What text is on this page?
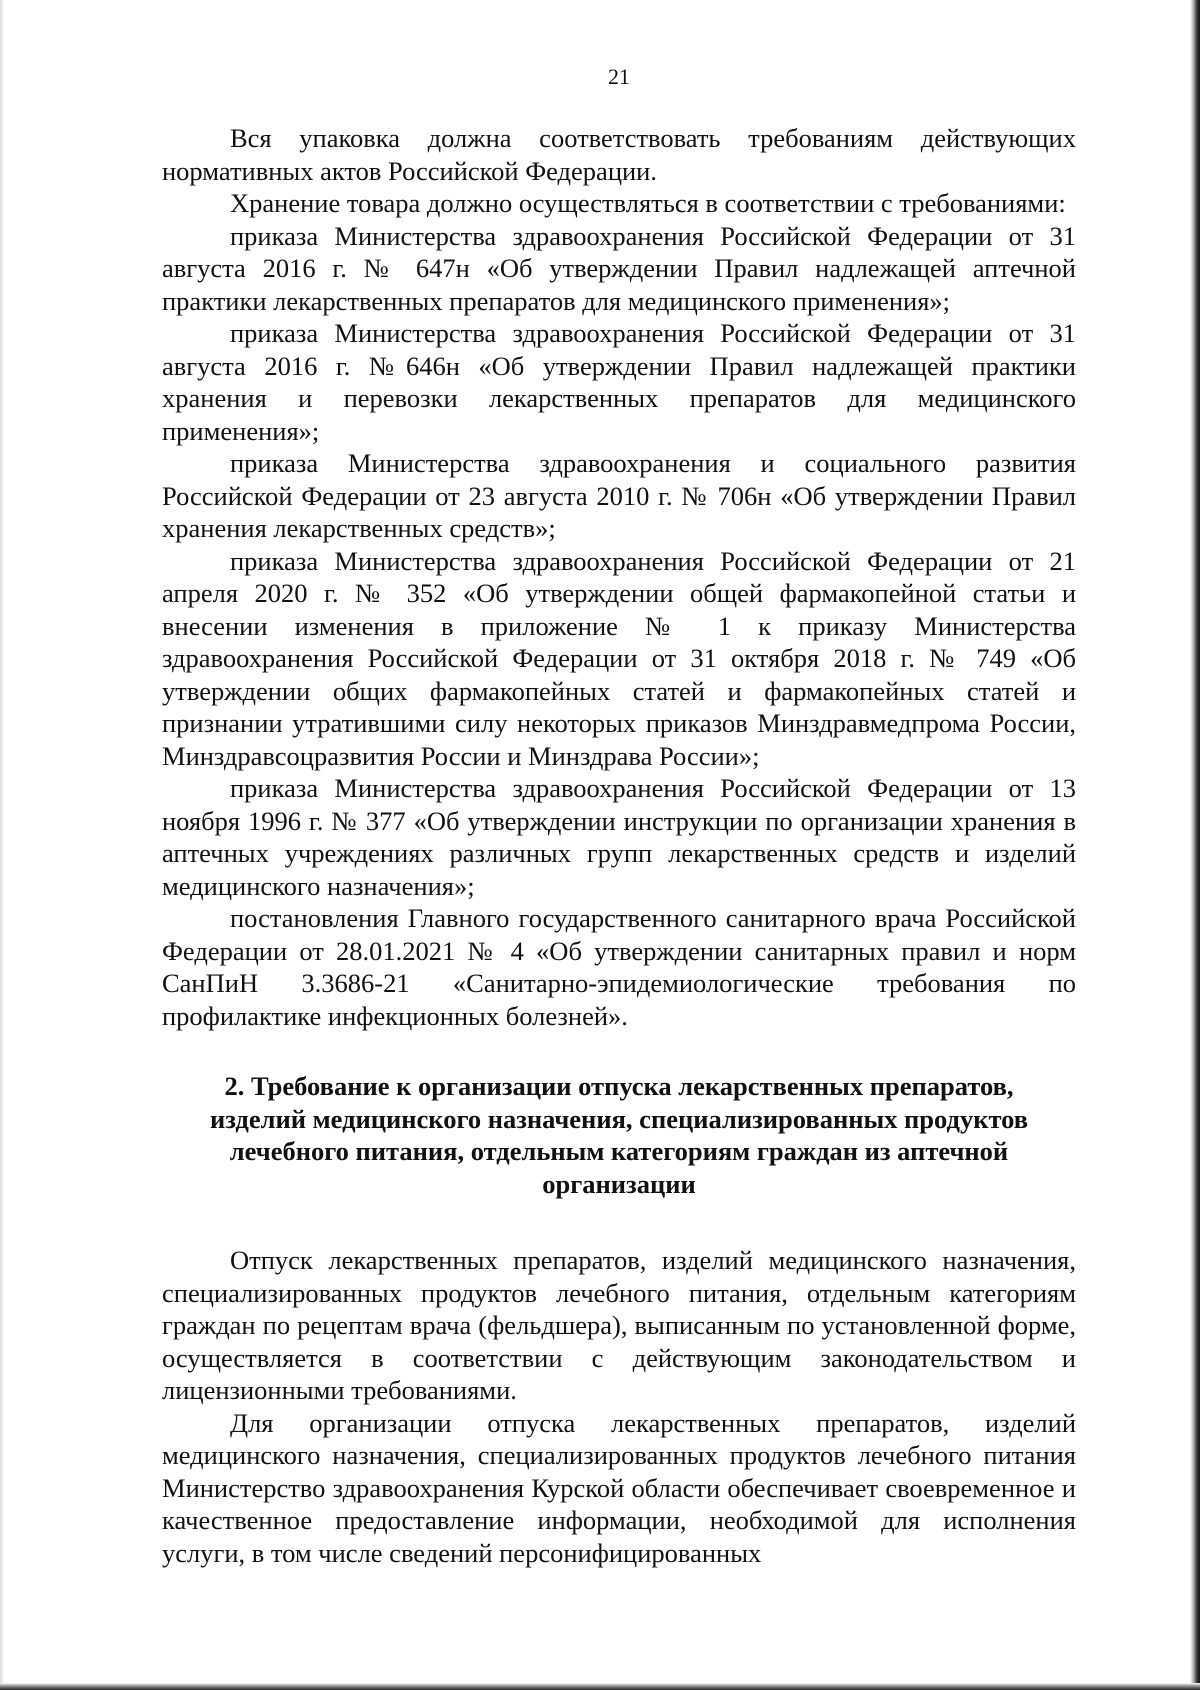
21

Вся упаковка должна соответствовать требованиям действующих нормативных актов Российской Федерации.

Хранение товара должно осуществляться в соответствии с требованиями:

приказа Министерства здравоохранения Российской Федерации от 31 августа 2016 г. № 647н «Об утверждении Правил надлежащей аптечной практики лекарственных препаратов для медицинского применения»;

приказа Министерства здравоохранения Российской Федерации от 31 августа 2016 г. №646н «Об утверждении Правил надлежащей практики хранения и перевозки лекарственных препаратов для медицинского применения»;

приказа Министерства здравоохранения и социального развития Российской Федерации от 23 августа 2010 г. № 706н «Об утверждении Правил хранения лекарственных средств»;

приказа Министерства здравоохранения Российской Федерации от 21 апреля 2020 г. № 352 «Об утверждении общей фармакопейной статьи и внесении изменения в приложение № 1 к приказу Министерства здравоохранения Российской Федерации от 31 октября 2018 г. № 749 «Об утверждении общих фармакопейных статей и фармакопейных статей и признании утратившими силу некоторых приказов Минздравмедпрома России, Минздравсоцразвития России и Минздрава России»;

приказа Министерства здравоохранения Российской Федерации от 13 ноября 1996 г. № 377 «Об утверждении инструкции по организации хранения в аптечных учреждениях различных групп лекарственных средств и изделий медицинского назначения»;

постановления Главного государственного санитарного врача Российской Федерации от 28.01.2021 № 4 «Об утверждении санитарных правил и норм СанПиН 3.3686-21 «Санитарно-эпидемиологические требования по профилактике инфекционных болезней».

2. Требование к организации отпуска лекарственных препаратов, изделий медицинского назначения, специализированных продуктов лечебного питания, отдельным категориям граждан из аптечной организации

Отпуск лекарственных препаратов, изделий медицинского назначения, специализированных продуктов лечебного питания, отдельным категориям граждан по рецептам врача (фельдшера), выписанным по установленной форме, осуществляется в соответствии с действующим законодательством и лицензионными требованиями.

Для организации отпуска лекарственных препаратов, изделий медицинского назначения, специализированных продуктов лечебного питания Министерство здравоохранения Курской области обеспечивает своевременное и качественное предоставление информации, необходимой для исполнения услуги, в том числе сведений персонифицированных
